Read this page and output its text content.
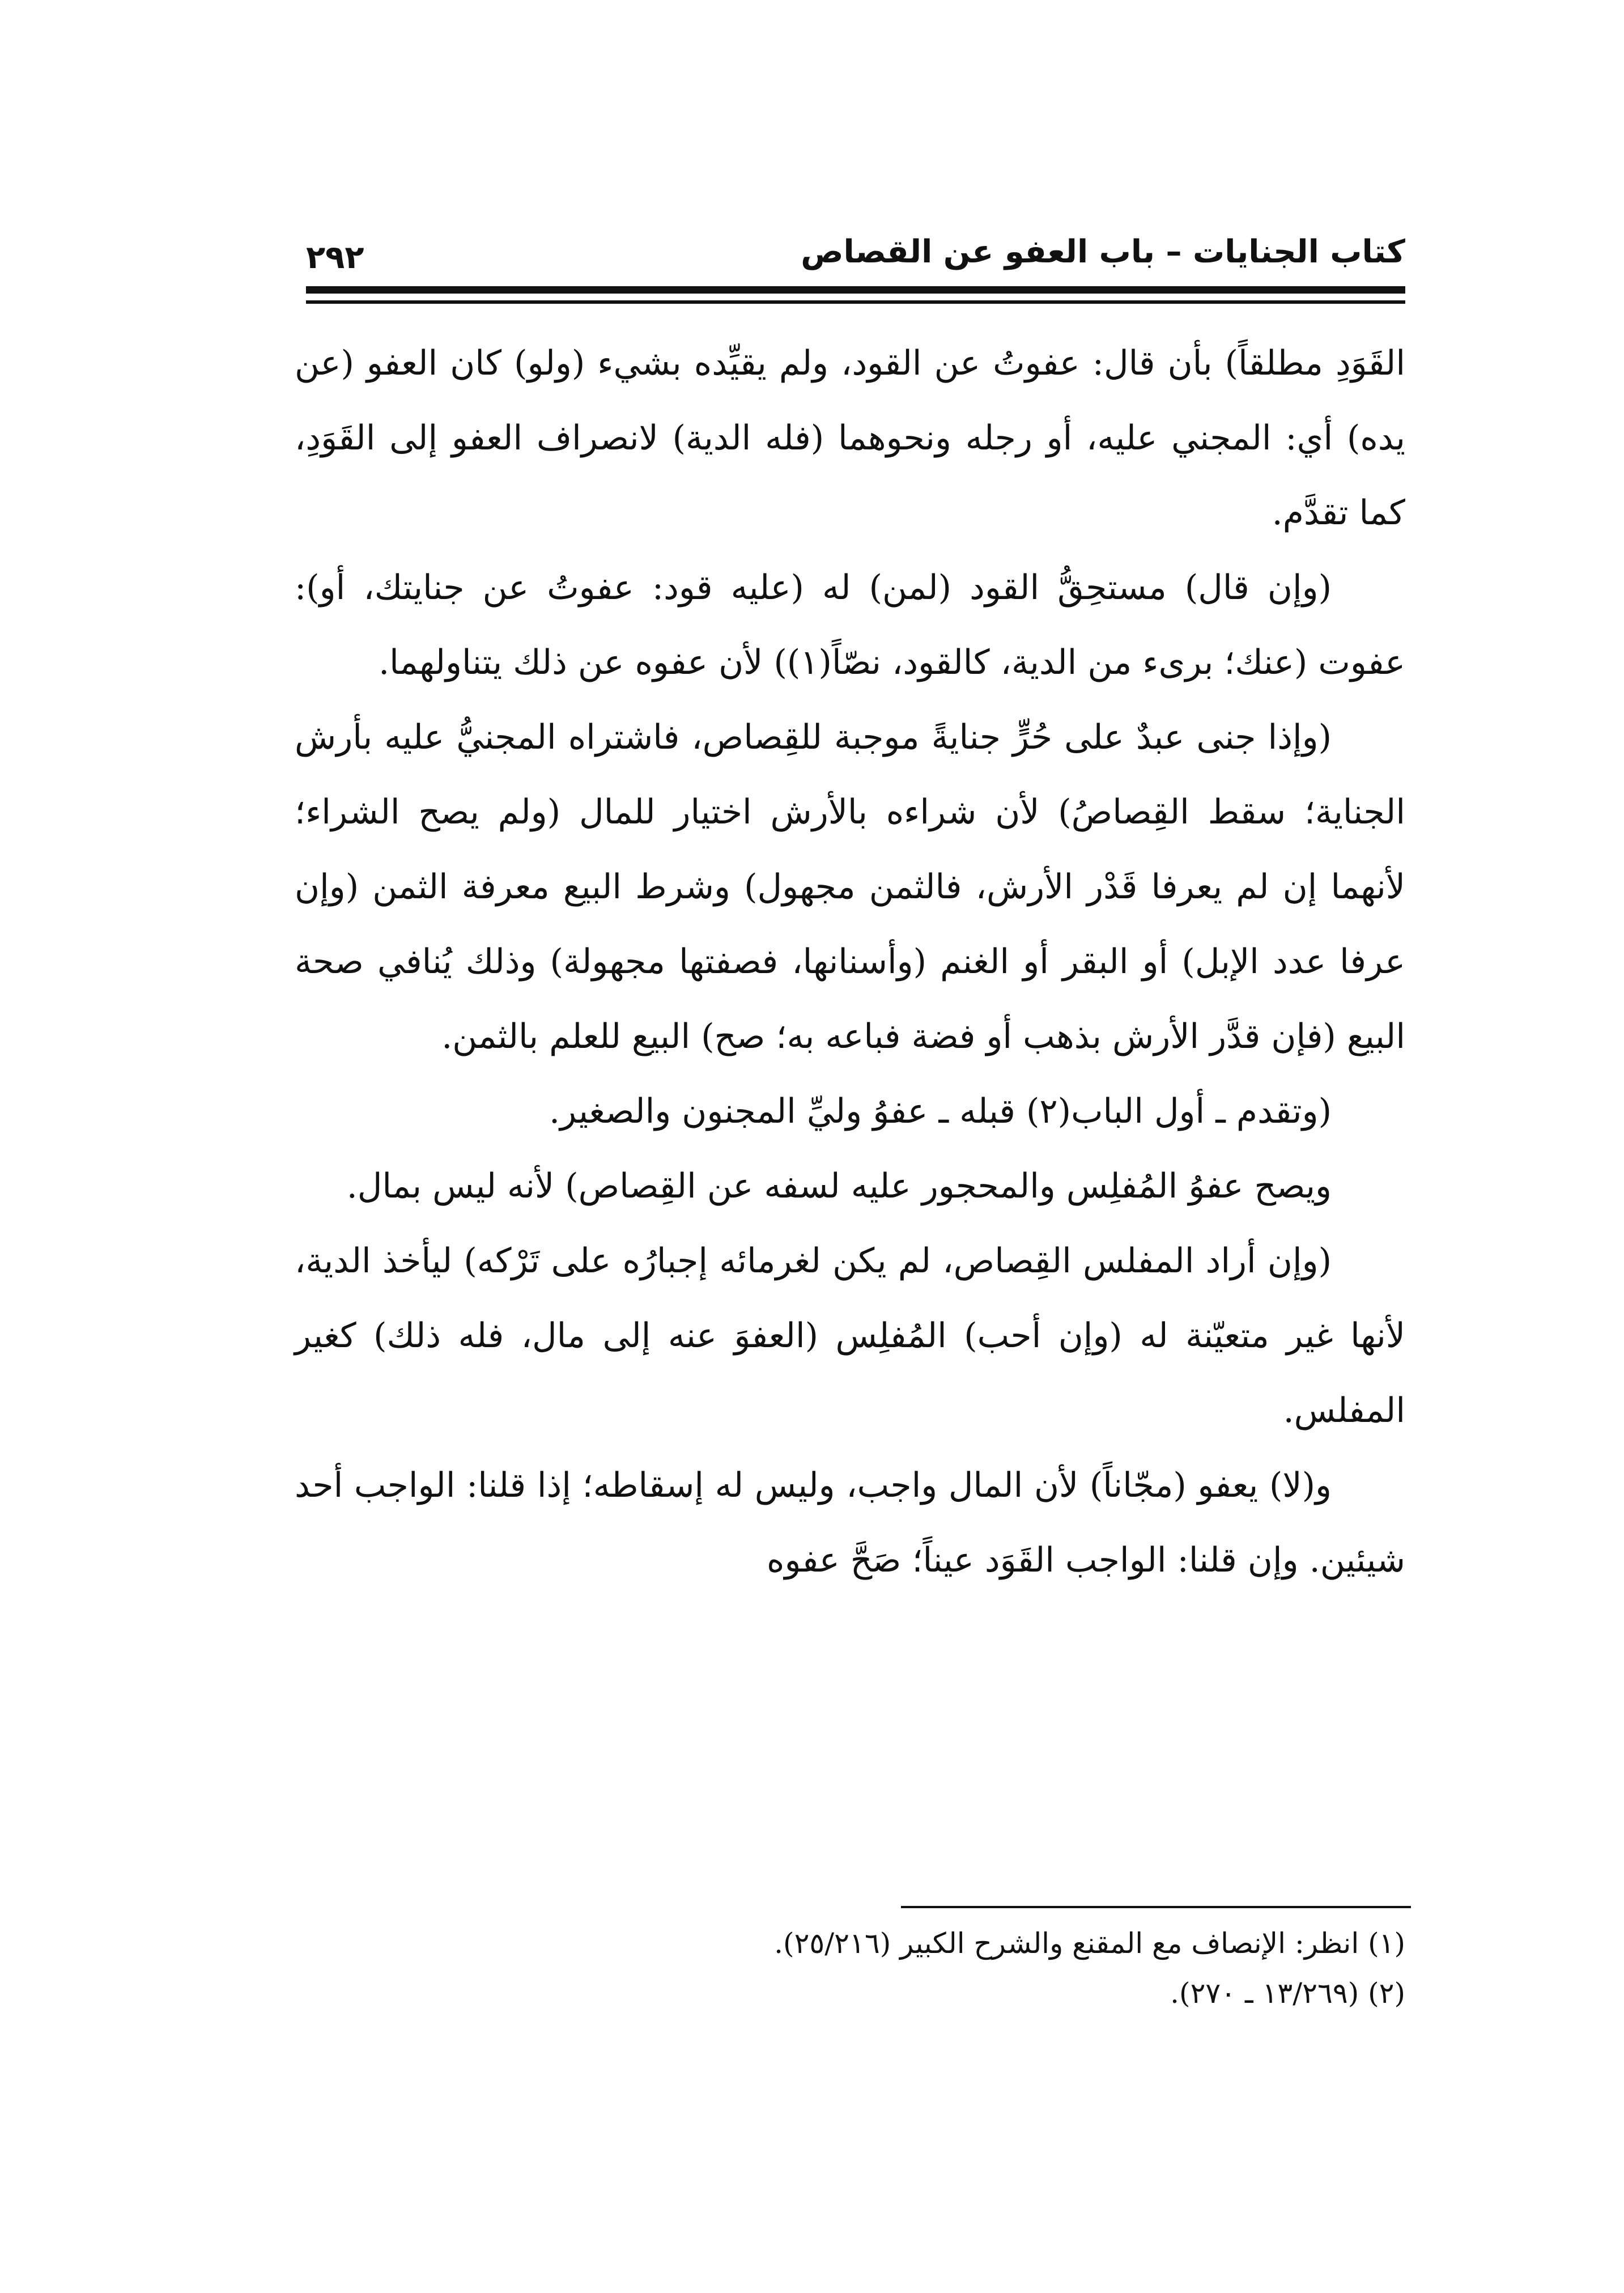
كتاب الجنايات – باب العفو عن القصاص
٢٩٢

القَوَدِ مطلقاً) بأن قال: عفوتُ عن القود، ولم يقيِّده بشيء (ولو) كان العفو (عن يده) أي: المجني عليه، أو رجله ونحوهما (فله الدية) لانصراف العفو إلى القَوَدِ، كما تقدَّم.

(وإن قال) مستحِقُّ القود (لمن) له (عليه قود: عفوتُ عن جنايتك، أو): عفوت (عنك؛ برىء من الدية، كالقود، نصّاً(١)) لأن عفوه عن ذلك يتناولهما.

(وإذا جنى عبدٌ على حُرٍّ جنايةً موجبة للقِصاص، فاشتراه المجنيُّ عليه بأرش الجناية؛ سقط القِصاصُ) لأن شراءه بالأرش اختيار للمال (ولم يصح الشراء؛ لأنهما إن لم يعرفا قَدْر الأرش، فالثمن مجهول) وشرط البيع معرفة الثمن (وإن عرفا عدد الإبل) أو البقر أو الغنم (وأسنانها، فصفتها مجهولة) وذلك يُنافي صحة البيع (فإن قدَّر الأرش بذهب أو فضة فباعه به؛ صح) البيع للعلم بالثمن.

(وتقدم ـ أول الباب(٢) قبله ـ عفوُ وليِّ المجنون والصغير.

ويصح عفوُ المُفلِس والمحجور عليه لسفه عن القِصاص) لأنه ليس بمال.

(وإن أراد المفلس القِصاص، لم يكن لغرمائه إجبارُه على تَرْكه) ليأخذ الدية، لأنها غير متعيّنة له (وإن أحب) المُفلِس (العفوَ عنه إلى مال، فله ذلك) كغير المفلس.

و(لا) يعفو (مجّاناً) لأن المال واجب، وليس له إسقاطه؛ إذا قلنا: الواجب أحد شيئين. وإن قلنا: الواجب القَوَد عيناً؛ صَحَّ عفوه

(١) انظر: الإنصاف مع المقنع والشرح الكبير (٢٥/٢١٦).
(٢) (١٣/٢٦٩ ـ ٢٧٠).
